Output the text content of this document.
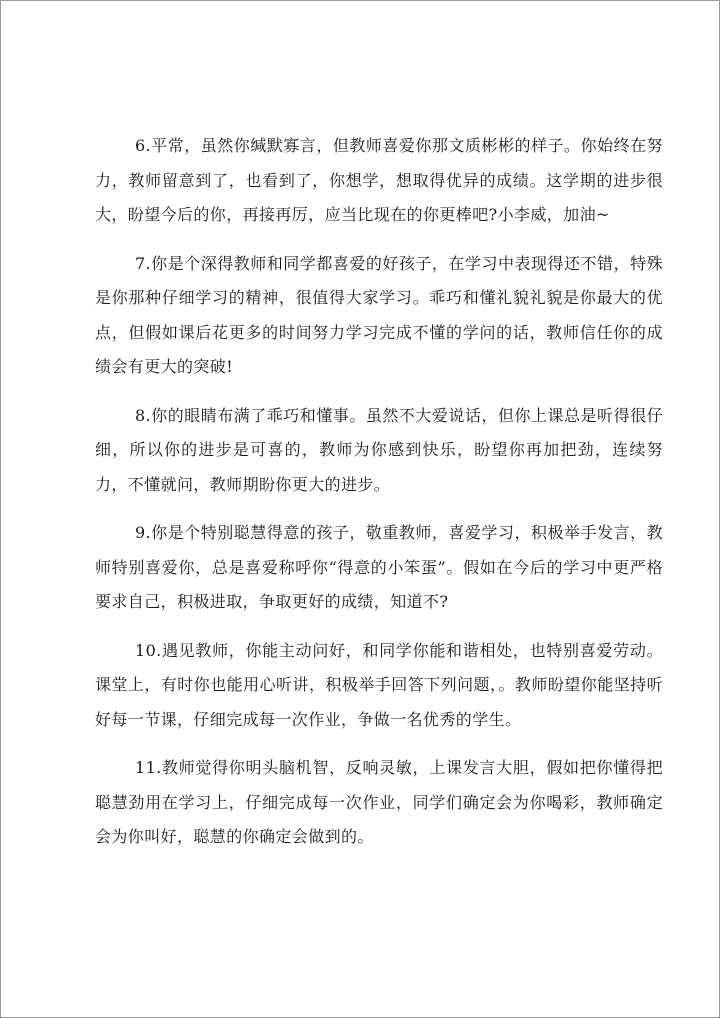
6.平常，虽然你缄默寡言，但教师喜爱你那文质彬彬的样子。你始终在努力，教师留意到了，也看到了，你想学，想取得优异的成绩。这学期的进步很大，盼望今后的你，再接再厉，应当比现在的你更棒吧?小李威，加油~

7.你是个深得教师和同学都喜爱的好孩子，在学习中表现得还不错，特殊是你那种仔细学习的精神，很值得大家学习。乖巧和懂礼貌礼貌是你最大的优点，但假如课后花更多的时间努力学习完成不懂的学问的话，教师信任你的成绩会有更大的突破!

8.你的眼睛布满了乖巧和懂事。虽然不大爱说话，但你上课总是听得很仔细，所以你的进步是可喜的，教师为你感到快乐，盼望你再加把劲，连续努力，不懂就问，教师期盼你更大的进步。

9.你是个特别聪慧得意的孩子，敬重教师，喜爱学习，积极举手发言，教师特别喜爱你，总是喜爱称呼你“得意的小笨蛋”。假如在今后的学习中更严格要求自己，积极进取，争取更好的成绩，知道不?

10.遇见教师，你能主动问好，和同学你能和谐相处，也特别喜爱劳动。课堂上，有时你也能用心听讲，积极举手回答下列问题，。教师盼望你能坚持听好每一节课，仔细完成每一次作业，争做一名优秀的学生。

11.教师觉得你明头脑机智，反响灵敏，上课发言大胆，假如把你懂得把聪慧劲用在学习上，仔细完成每一次作业，同学们确定会为你喝彩，教师确定会为你叫好，聪慧的你确定会做到的。
